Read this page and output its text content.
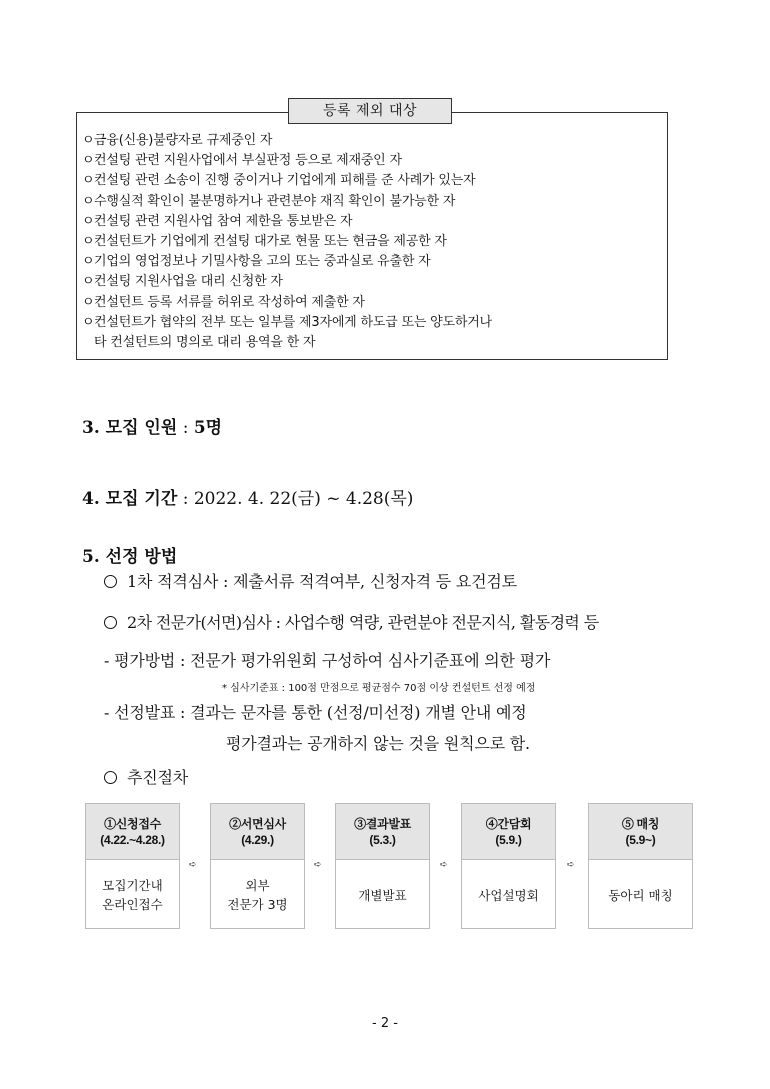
등록 제외 대상
ㅇ금융(신용)불량자로 규제중인 자
ㅇ컨설팅 관련 지원사업에서 부실판정 등으로 제재중인 자
ㅇ컨설팅 관련 소송이 진행 중이거나 기업에게 피해를 준 사례가 있는자
ㅇ수행실적 확인이 불분명하거나 관련분야 재직 확인이 불가능한 자
ㅇ컨설팅 관련 지원사업 참여 제한을 통보받은 자
ㅇ컨설턴트가 기업에게 컨설팅 대가로 현물 또는 현금을 제공한 자
ㅇ기업의 영업정보나 기밀사항을 고의 또는 중과실로 유출한 자
ㅇ컨설팅 지원사업을 대리 신청한 자
ㅇ컨설턴트 등록 서류를 허위로 작성하여 제출한 자
ㅇ컨설턴트가 협약의 전부 또는 일부를 제3자에게 하도급 또는 양도하거나
타 컨설턴트의 명의로 대리 용역을 한 자
3. 모집 인원 : 5명
4. 모집 기간 : 2022. 4. 22(금) ~ 4.28(목)
5. 선정 방법
1차 적격심사 : 제출서류 적격여부, 신청자격 등 요건검토
2차 전문가(서면)심사 : 사업수행 역량, 관련분야 전문지식, 활동경력 등
- 평가방법 : 전문가 평가위원회 구성하여 심사기준표에 의한 평가
* 심사기준표 : 100점 만점으로 평균점수 70점 이상 컨설턴트 선정 예정
- 선정발표 : 결과는 문자를 통한 (선정/미선정) 개별 안내 예정
평가결과는 공개하지 않는 것을 원칙으로 함.
추진절차
①신청접수
(4.22.~4.28.)
모집기간내
온라인접수
➪
②서면심사
(4.29.)
외부
전문가 3명
➪
③결과발표
(5.3.)
개별발표
➪
④간담회
(5.9.)
사업설명회
➪
⑤ 매칭
(5.9~)
동아리 매칭
- 2 -
